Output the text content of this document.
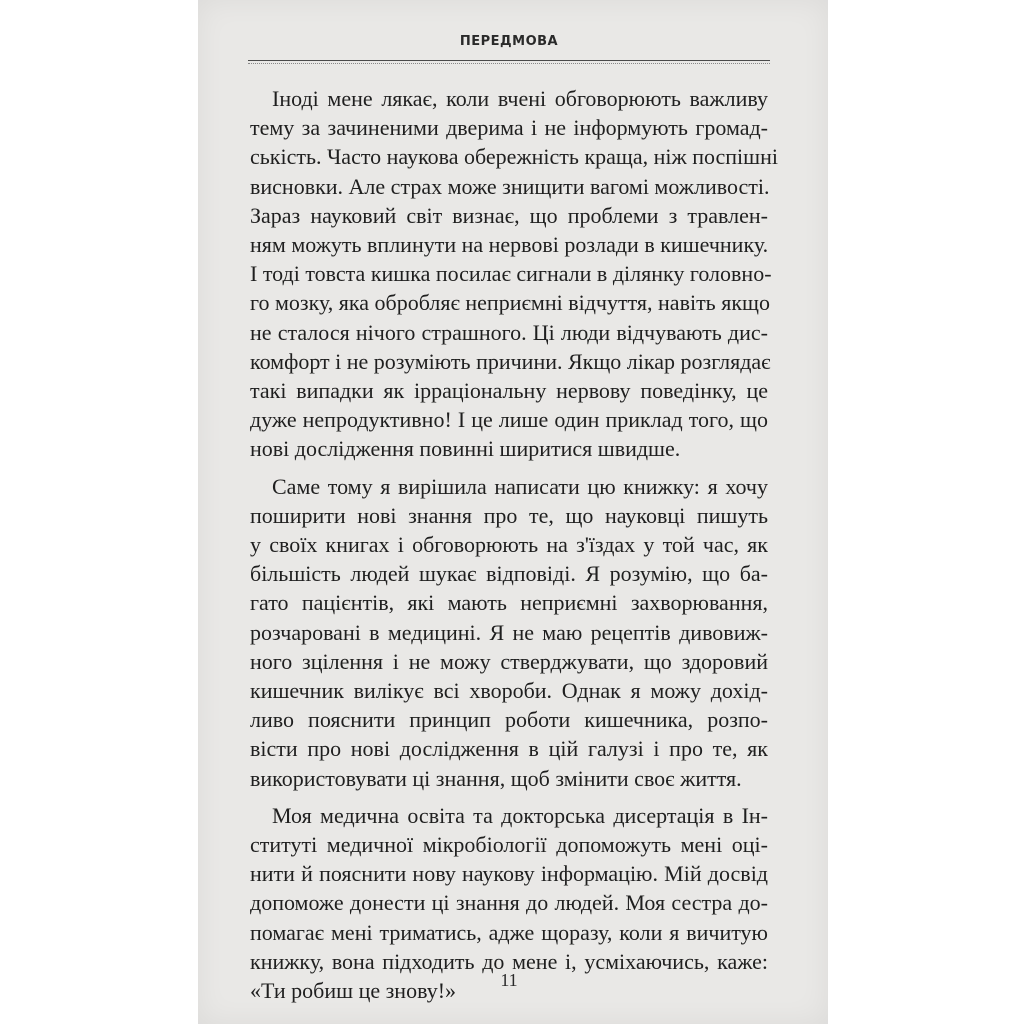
ПЕРЕДМОВА
Іноді мене лякає, коли вчені обговорюють важливу
тему за зачиненими дверима і не інформують громад-
ськість. Часто наукова обережність краща, ніж поспішні
висновки. Але страх може знищити вагомі можливості.
Зараз науковий світ визнає, що проблеми з травлен-
ням можуть вплинути на нервові розлади в кишечнику.
І тоді товста кишка посилає сигнали в ділянку головно-
го мозку, яка обробляє неприємні відчуття, навіть якщо
не сталося нічого страшного. Ці люди відчувають дис-
комфорт і не розуміють причини. Якщо лікар розглядає
такі випадки як ірраціональну нервову поведінку, це
дуже непродуктивно! І це лише один приклад того, що
нові дослідження повинні ширитися швидше.
Саме тому я вирішила написати цю книжку: я хочу
поширити нові знання про те, що науковці пишуть
у своїх книгах і обговорюють на з'їздах у той час, як
більшість людей шукає відповіді. Я розумію, що ба-
гато пацієнтів, які мають неприємні захворювання,
розчаровані в медицині. Я не маю рецептів дивовиж-
ного зцілення і не можу стверджувати, що здоровий
кишечник вилікує всі хвороби. Однак я можу дохід-
ливо пояснити принцип роботи кишечника, розпо-
вісти про нові дослідження в цій галузі і про те, як
використовувати ці знання, щоб змінити своє життя.
Моя медична освіта та докторська дисертація в Ін-
ституті медичної мікробіології допоможуть мені оці-
нити й пояснити нову наукову інформацію. Мій досвід
допоможе донести ці знання до людей. Моя сестра до-
помагає мені триматись, адже щоразу, коли я вичитую
книжку, вона підходить до мене і, усміхаючись, каже:
«Ти робиш це знову!»	11
